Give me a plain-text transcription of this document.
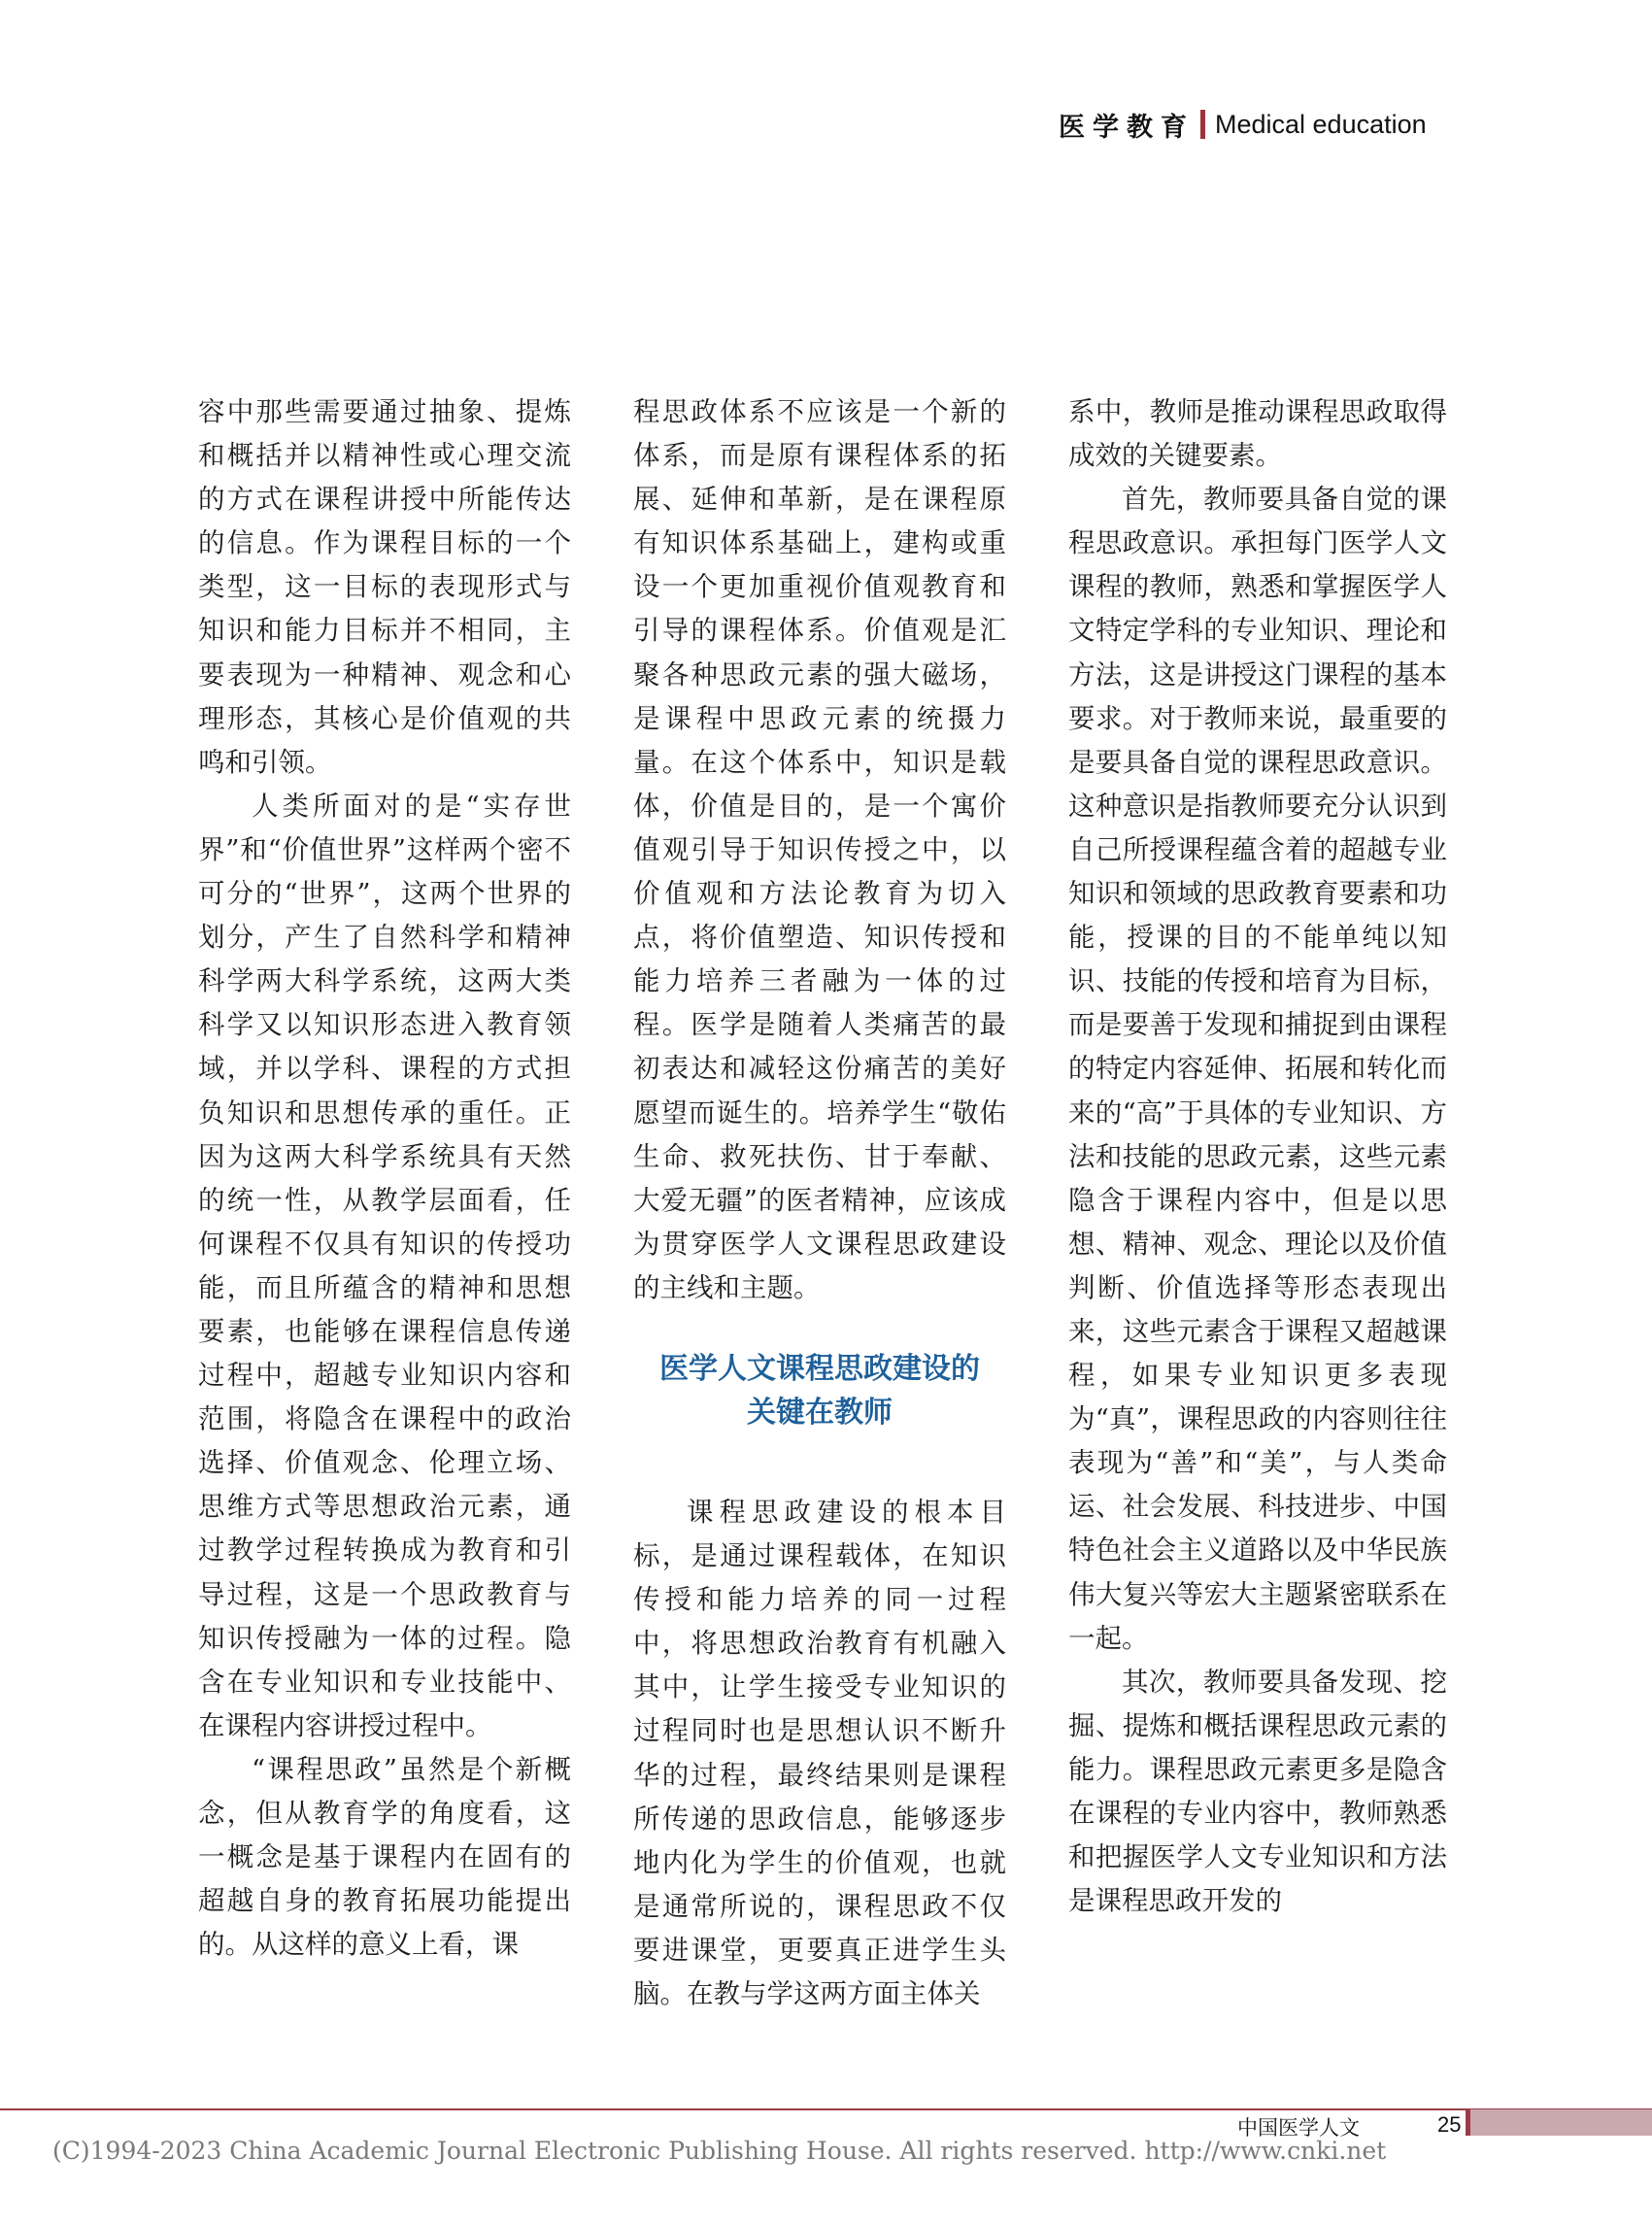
医学教育 Medical education

容中那些需要通过抽象、提炼和概括并以精神性或心理交流的方式在课程讲授中所能传达的信息。作为课程目标的一个类型，这一目标的表现形式与知识和能力目标并不相同，主要表现为一种精神、观念和心理形态，其核心是价值观的共鸣和引领。

人类所面对的是“实存世界”和“价值世界”这样两个密不可分的“世界”，这两个世界的划分，产生了自然科学和精神科学两大科学系统，这两大类科学又以知识形态进入教育领域，并以学科、课程的方式担负知识和思想传承的重任。正因为这两大科学系统具有天然的统一性，从教学层面看，任何课程不仅具有知识的传授功能，而且所蕴含的精神和思想要素，也能够在课程信息传递过程中，超越专业知识内容和范围，将隐含在课程中的政治选择、价值观念、伦理立场、思维方式等思想政治元素，通过教学过程转换成为教育和引导过程，这是一个思政教育与知识传授融为一体的过程。隐含在专业知识和专业技能中、在课程内容讲授过程中。

“课程思政”虽然是个新概念，但从教育学的角度看，这一概念是基于课程内在固有的超越自身的教育拓展功能提出的。从这样的意义上看，课

程思政体系不应该是一个新的体系，而是原有课程体系的拓展、延伸和革新，是在课程原有知识体系基础上，建构或重设一个更加重视价值观教育和引导的课程体系。价值观是汇聚各种思政元素的强大磁场，是课程中思政元素的统摄力量。在这个体系中，知识是载体，价值是目的，是一个寓价值观引导于知识传授之中，以价值观和方法论教育为切入点，将价值塑造、知识传授和能力培养三者融为一体的过程。医学是随着人类痛苦的最初表达和减轻这份痛苦的美好愿望而诞生的。培养学生“敬佑生命、救死扶伤、甘于奉献、大爱无疆”的医者精神，应该成为贯穿医学人文课程思政建设的主线和主题。

医学人文课程思政建设的
关键在教师

课程思政建设的根本目标，是通过课程载体，在知识传授和能力培养的同一过程中，将思想政治教育有机融入其中，让学生接受专业知识的过程同时也是思想认识不断升华的过程，最终结果则是课程所传递的思政信息，能够逐步地内化为学生的价值观，也就是通常所说的，课程思政不仅要进课堂，更要真正进学生头脑。在教与学这两方面主体关

系中，教师是推动课程思政取得成效的关键要素。

首先，教师要具备自觉的课程思政意识。承担每门医学人文课程的教师，熟悉和掌握医学人文特定学科的专业知识、理论和方法，这是讲授这门课程的基本要求。对于教师来说，最重要的是要具备自觉的课程思政意识。这种意识是指教师要充分认识到自己所授课程蕴含着的超越专业知识和领域的思政教育要素和功能，授课的目的不能单纯以知识、技能的传授和培育为目标，而是要善于发现和捕捉到由课程的特定内容延伸、拓展和转化而来的“高”于具体的专业知识、方法和技能的思政元素，这些元素隐含于课程内容中，但是以思想、精神、观念、理论以及价值判断、价值选择等形态表现出来，这些元素含于课程又超越课程，如果专业知识更多表现为“真”，课程思政的内容则往往表现为“善”和“美”，与人类命运、社会发展、科技进步、中国特色社会主义道路以及中华民族伟大复兴等宏大主题紧密联系在一起。

其次，教师要具备发现、挖掘、提炼和概括课程思政元素的能力。课程思政元素更多是隐含在课程的专业内容中，教师熟悉和把握医学人文专业知识和方法是课程思政开发的

中国医学人文	25
(C)1994-2023 China Academic Journal Electronic Publishing House. All rights reserved. http://www.cnki.net
